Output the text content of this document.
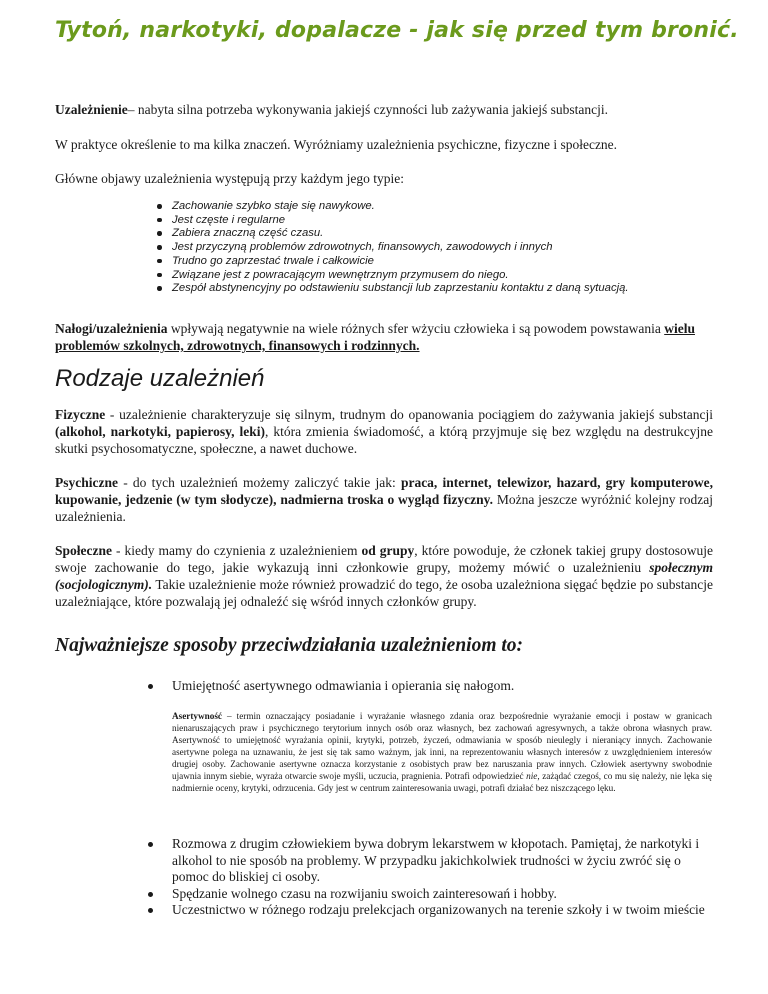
Tytoń, narkotyki, dopalacze - jak się przed tym bronić.

Uzależnienie– nabyta silna potrzeba wykonywania jakiejś czynności lub zażywania jakiejś substancji.

W praktyce określenie to ma kilka znaczeń. Wyróżniamy uzależnienia psychiczne, fizyczne i społeczne.

Główne objawy uzależnienia występują przy każdym jego typie:

Zachowanie szybko staje się nawykowe.
Jest częste i regularne
Zabiera znaczną część czasu.
Jest przyczyną problemów zdrowotnych, finansowych, zawodowych i innych
Trudno go zaprzestać trwale i całkowicie
Związane jest z powracającym wewnętrznym przymusem do niego.
Zespół abstynencyjny po odstawieniu substancji lub zaprzestaniu kontaktu z daną sytuacją.

Nałogi/uzależnienia wpływają negatywnie na wiele różnych sfer wżyciu człowieka i są powodem powstawania wielu problemów szkolnych, zdrowotnych, finansowych i rodzinnych.

Rodzaje uzależnień

Fizyczne - uzależnienie charakteryzuje się silnym, trudnym do opanowania pociągiem do zażywania jakiejś substancji (alkohol, narkotyki, papierosy, leki), która zmienia świadomość, a którą przyjmuje się bez względu na destrukcyjne skutki psychosomatyczne, społeczne, a nawet duchowe.

Psychiczne - do tych uzależnień możemy zaliczyć takie jak: praca, internet, telewizor, hazard, gry komputerowe, kupowanie, jedzenie (w tym słodycze), nadmierna troska o wygląd fizyczny. Można jeszcze wyróżnić kolejny rodzaj uzależnienia.

Społeczne - kiedy mamy do czynienia z uzależnieniem od grupy, które powoduje, że członek takiej grupy dostosowuje swoje zachowanie do tego, jakie wykazują inni członkowie grupy, możemy mówić o uzależnieniu społecznym (socjologicznym). Takie uzależnienie może również prowadzić do tego, że osoba uzależniona sięgać będzie po substancje uzależniające, które pozwalają jej odnaleźć się wśród innych członków grupy.

Najważniejsze sposoby przeciwdziałania uzależnieniom to:
Umiejętność asertywnego odmawiania i opierania się nałogom.

Asertywność – termin oznaczający posiadanie i wyrażanie własnego zdania oraz bezpośrednie wyrażanie emocji i postaw w granicach nienaruszających praw i psychicznego terytorium innych osób oraz własnych, bez zachowań agresywnych, a także obrona własnych praw. Asertywność to umiejętność wyrażania opinii, krytyki, potrzeb, życzeń, odmawiania w sposób nieulegly i nieraniący innych. Zachowanie asertywne polega na uznawaniu, że jest się tak samo ważnym, jak inni, na reprezentowaniu własnych interesów z uwzględnieniem interesów drugiej osoby. Zachowanie asertywne oznacza korzystanie z osobistych praw bez naruszania praw innych. Człowiek asertywny swobodnie ujawnia innym siebie, wyraża otwarcie swoje myśli, uczucia, pragnienia. Potrafi odpowiedzieć nie, zażądać czegoś, co mu się należy, nie lęka się nadmiernie oceny, krytyki, odrzucenia. Gdy jest w centrum zainteresowania uwagi, potrafi działać bez niszczącego lęku.

Rozmowa z drugim człowiekiem bywa dobrym lekarstwem w kłopotach. Pamiętaj, że narkotyki i alkohol to nie sposób na problemy. W przypadku jakichkolwiek trudności w życiu zwróć się o pomoc do bliskiej ci osoby.
Spędzanie wolnego czasu na rozwijaniu swoich zainteresowań i hobby.
Uczestnictwo w różnego rodzaju prelekcjach organizowanych na terenie szkoły i w twoim mieście
